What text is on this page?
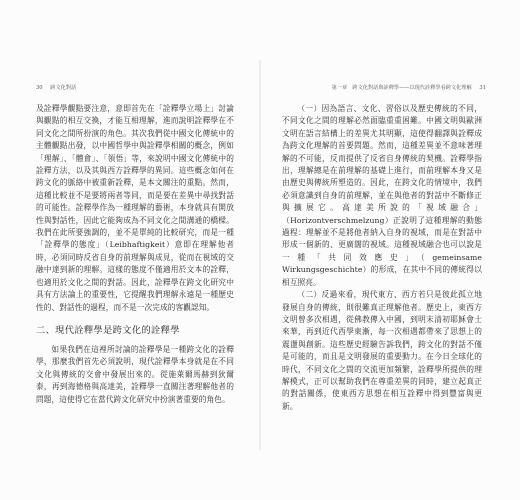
30 跨文化對話

及詮釋學觀點要注意，意即首先在「詮釋學立場上」討論與觀點的相互交換，才能互相理解，進而說明詮釋學在不同文化之間所扮演的角色。其次我們從中國文化傳統中的主體觀點出發，以中國哲學中與詮釋學相關的概念，例如「理解」、「體會」、「領悟」等，來說明中國文化傳統中的詮釋方法，以及其與西方詮釋學的異同。這些概念如何在跨文化的脈絡中被重新詮釋，是本文關注的重點。然而，這種比較並不是要將兩者等同，而是要在差異中尋找對話的可能性。詮釋學作為一種理解的藝術，本身就具有開放性與對話性，因此它能夠成為不同文化之間溝通的橋樑。我們在此所要強調的，並不是單純的比較研究，而是一種「詮釋學的態度」（Leibhaftigkeit）意即在理解他者時，必須同時反省自身的前理解與成見，從而在視域的交融中達到新的理解。這樣的態度不僅適用於文本的詮釋，也適用於文化之間的對話。因此，詮釋學在跨文化研究中具有方法論上的重要性，它提醒我們理解永遠是一種歷史性的、對話性的過程，而不是一次完成的客觀認知。

二、現代詮釋學是跨文化的詮釋學

如果我們在這裡所討論的詮釋學是一種跨文化的詮釋學，那麼我們首先必須說明，現代詮釋學本身就是在不同文化與傳統的交會中發展出來的。從施萊爾馬赫到狄爾泰，再到海德格與高達美，詮釋學一直關注著理解他者的問題，這使得它在當代跨文化研究中扮演著重要的角色。

第一章　跨文化對話與詮釋學——以現代詮釋學看跨文化理解 31

（一）因為語言、文化、習俗以及歷史傳統的不同，不同文化之間的理解必然面臨重重困難。中國文明與歐洲文明在語言結構上的差異尤其明顯，這使得翻譯與詮釋成為跨文化理解的首要問題。然而，這種差異並不意味著理解的不可能，反而提供了反省自身傳統的契機。詮釋學指出，理解總是在前理解的基礎上進行，而前理解本身又是由歷史與傳統所塑造的。因此，在跨文化的情境中，我們必須意識到自身的前理解，並在與他者的對話中不斷修正與擴展它。高達美所說的「視域融合」（Horizontverschmelzung）正說明了這種理解的動態過程：理解並不是將他者納入自身的視域，而是在對話中形成一個新的、更廣闊的視域。這種視域融合也可以說是一種「共同效應史」（gemeinsame Wirkungsgeschichte）的形成，在其中不同的傳統得以相互照亮。

（二）反過來看，現代東方、西方若只是彼此孤立地發展自身的傳統，則很難真正理解他者。歷史上，東西方文明曾多次相遇，從佛教傳入中國，到明末清初耶穌會士來華，再到近代西學東漸，每一次相遇都帶來了思想上的震盪與創新。這些歷史經驗告訴我們，跨文化的對話不僅是可能的，而且是文明發展的重要動力。在今日全球化的時代，不同文化之間的交流更加頻繁，詮釋學所提供的理解模式，正可以幫助我們在尊重差異的同時，建立起真正的對話關係，使東西方思想在相互詮釋中得到豐富與更新。
